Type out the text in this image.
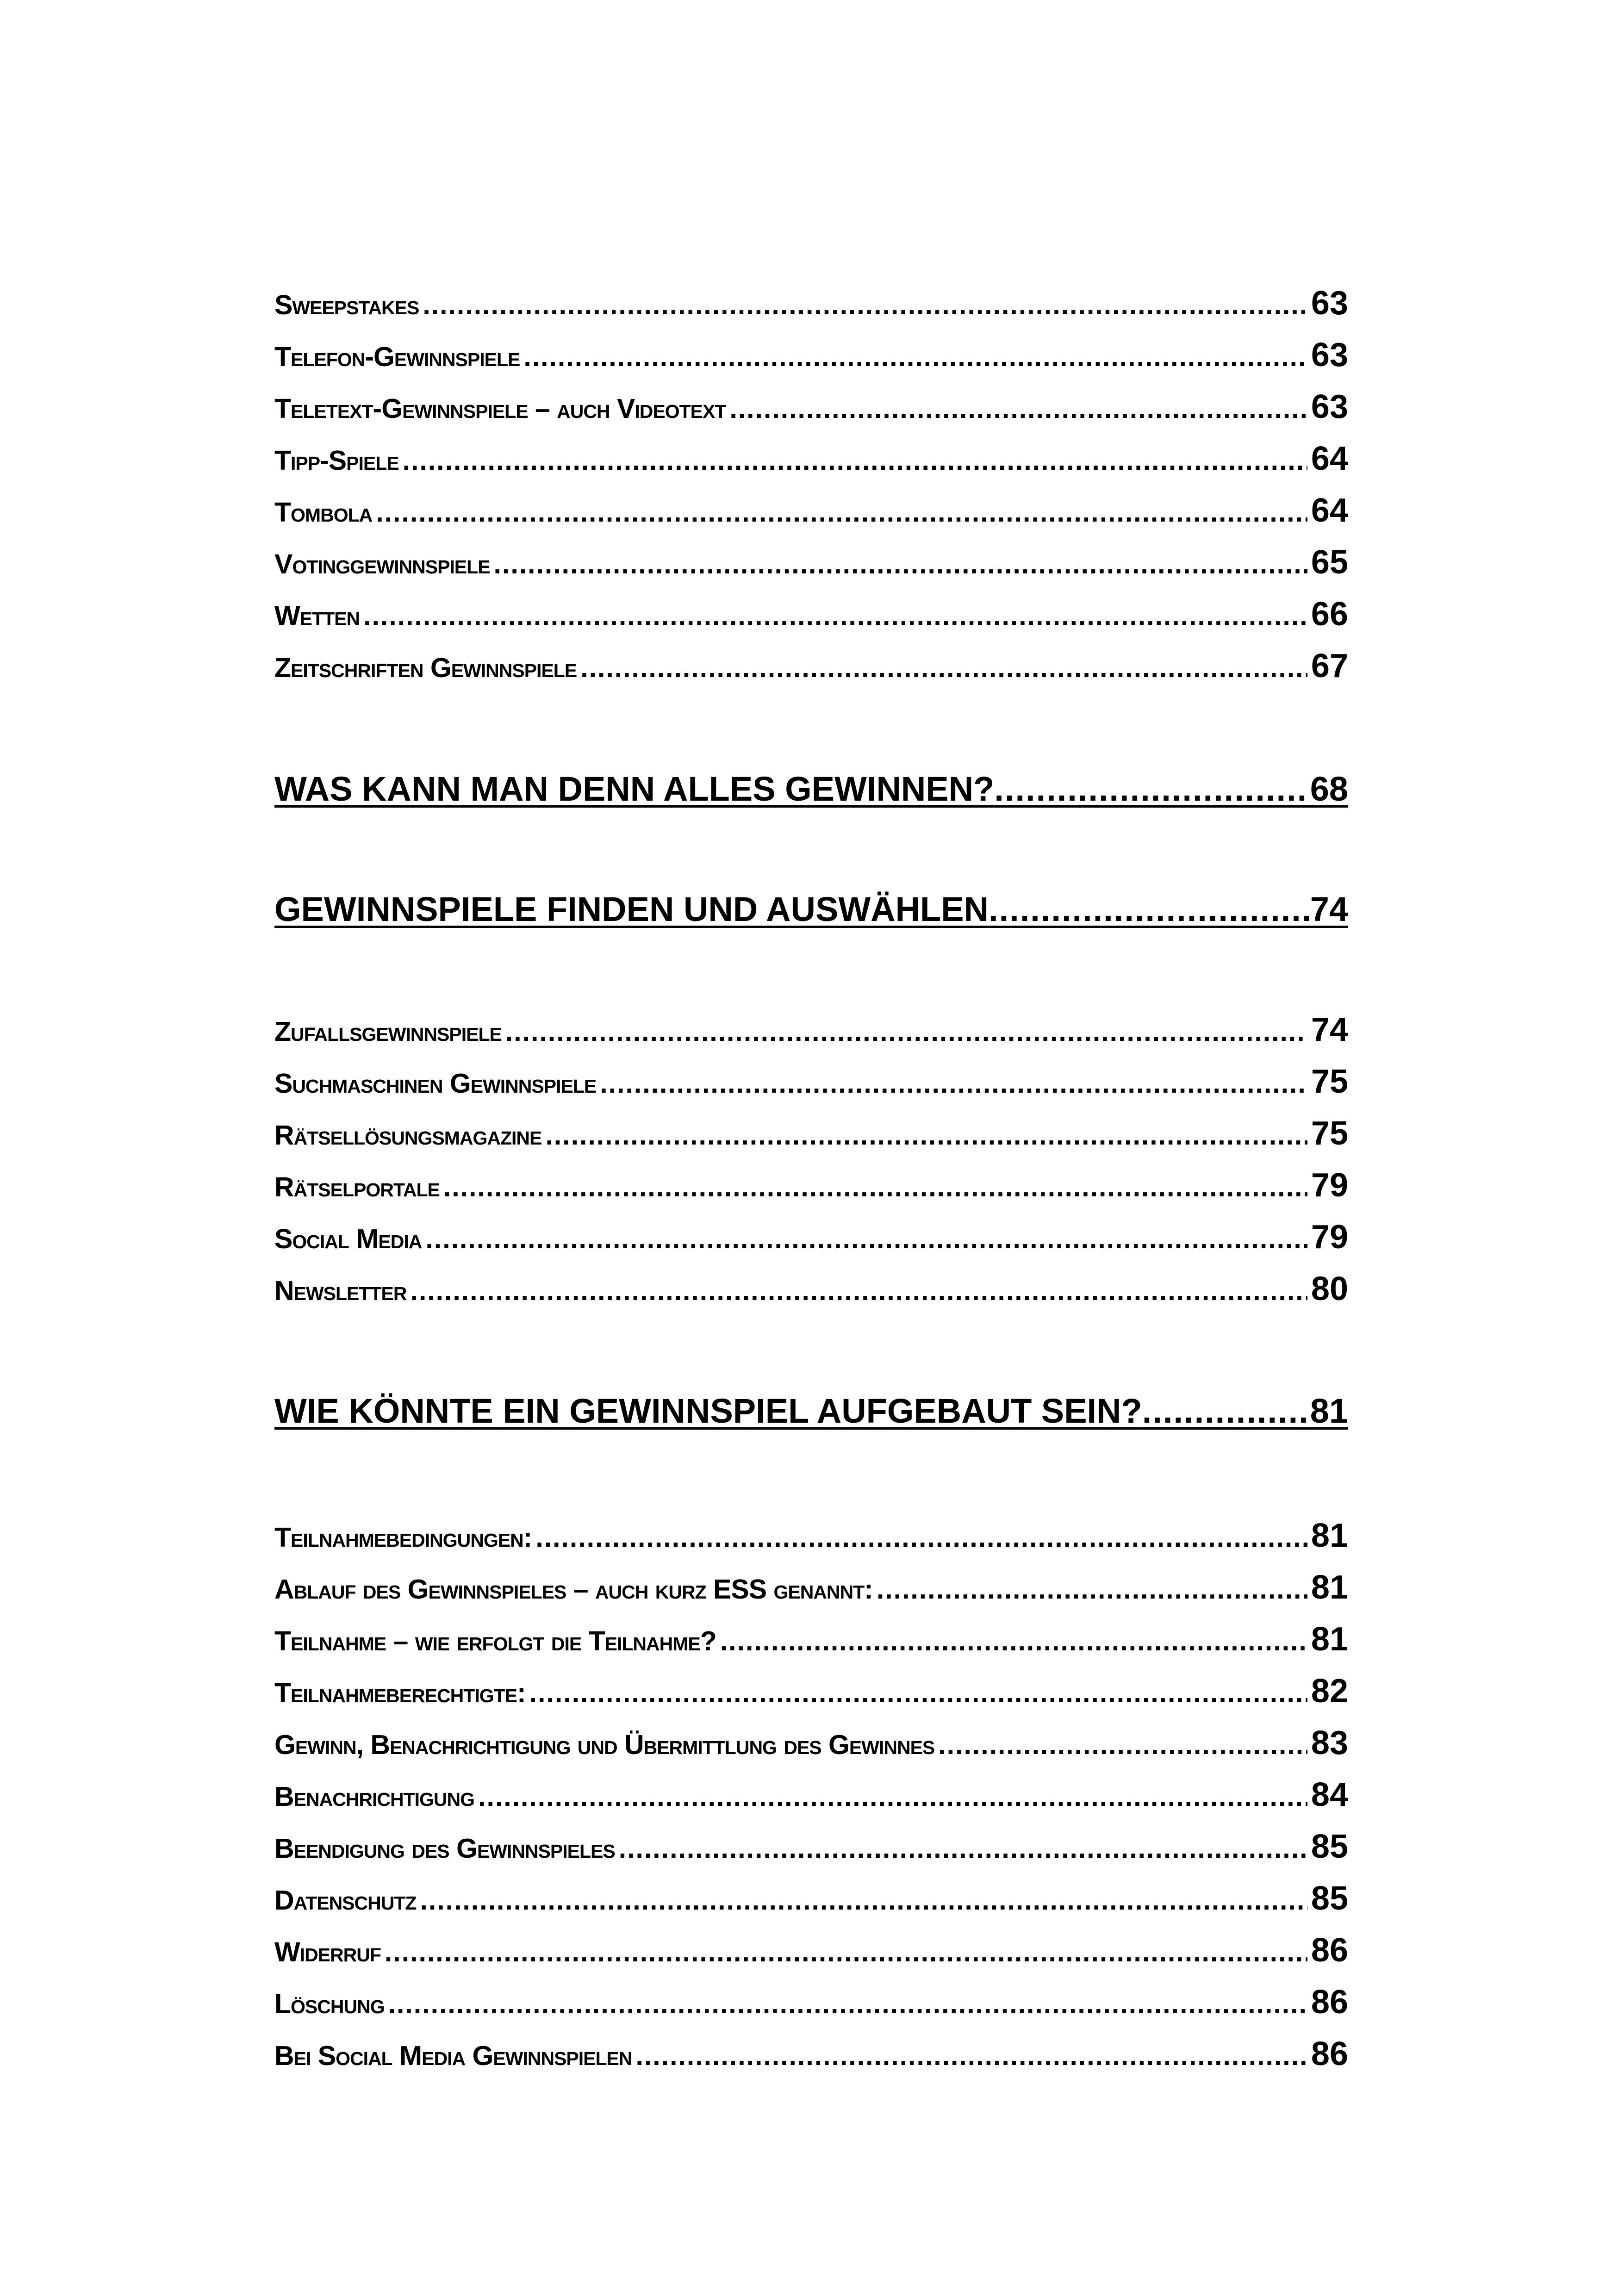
Sweepstakes .....	63
Telefon-Gewinnspiele .....	63
Teletext-Gewinnspiele – auch Videotext .....	63
Tipp-Spiele .....	64
Tombola .....	64
Votinggewinnspiele .....	65
Wetten .....	66
Zeitschriften Gewinnspiele .....	67
WAS KANN MAN DENN ALLES GEWINNEN? .....	68
GEWINNSPIELE FINDEN UND AUSWÄHLEN .....	74
Zufallsgewinnspiele .....	74
Suchmaschinen Gewinnspiele .....	75
Rätsellösungsmagazine .....	75
Rätselportale .....	79
Social Media .....	79
Newsletter .....	80
WIE KÖNNTE EIN GEWINNSPIEL AUFGEBAUT SEIN? .....	81
Teilnahmebedingungen: .....	81
Ablauf des Gewinnspieles – auch kurz ESS genannt: .....	81
Teilnahme – wie erfolgt die Teilnahme? .....	81
Teilnahmeberechtigte: .....	82
Gewinn, Benachrichtigung und Übermittlung des Gewinnes .....	83
Benachrichtigung .....	84
Beendigung des Gewinnspieles .....	85
Datenschutz .....	85
Widerruf .....	86
Löschung .....	86
Bei Social Media Gewinnspielen .....	86
